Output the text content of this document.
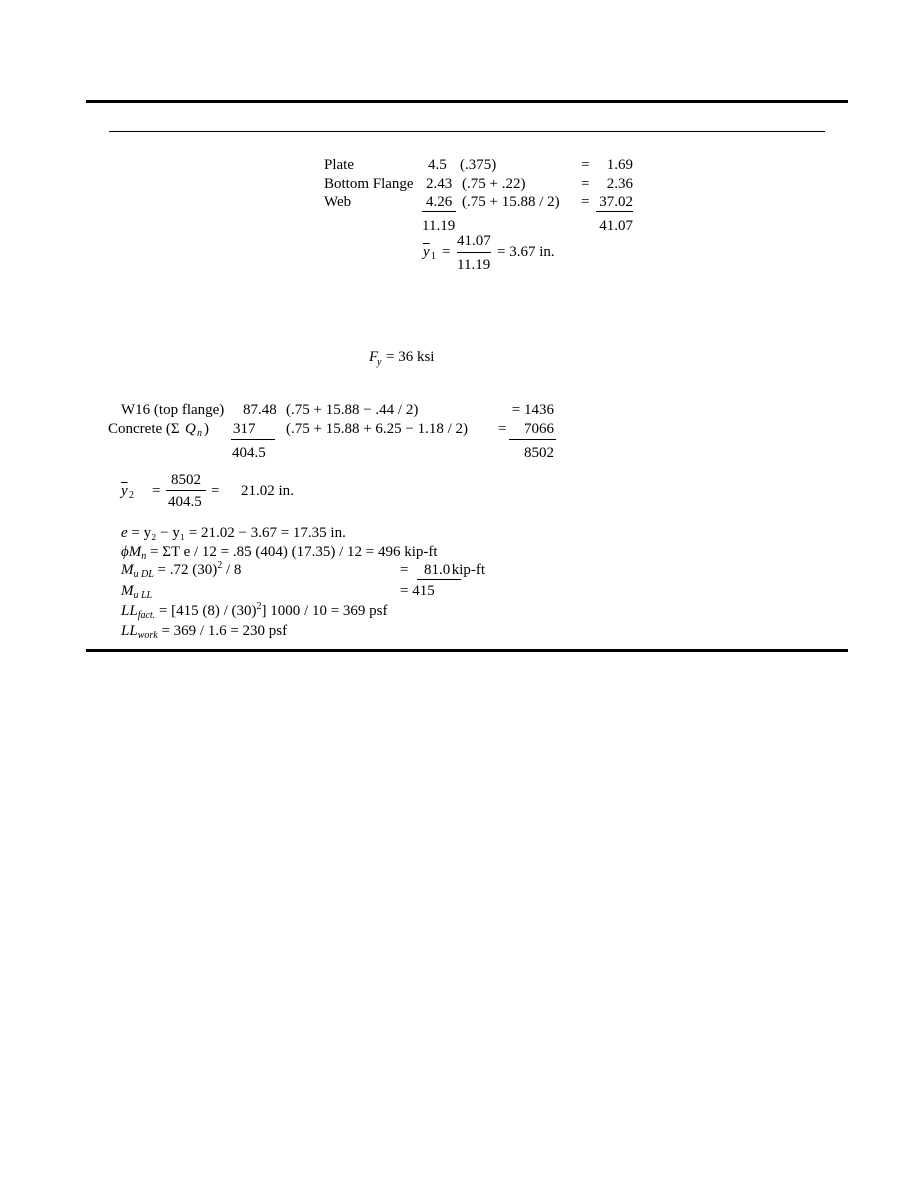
Plate	4.5 (.375)	=	1.69
Bottom Flange 2.43 (.75 + .22)	=	2.36
Web	4.26 (.75 + 15.88 / 2) = 37.02
11.19	41.07
$\overline{y}$ 1 =
41.07
11.19
= 3.67 in.
F
y = 36 ksi
W16 (top flange) 87.48 (.75 + 15.88 − .44 / 2)	= 1436
Concrete (Σ Q n ) 317 (.75 + 15.88 + 6.25 − 1.18 / 2) =	7066
404.5	8502
$\overline{y}$ 2 =
8502
404.5
= 21.02 in.
e = y₂ − y₁ = 21.02 − 3.67 = 17.35 in.
$\phi M_n = \Sigma T$ e / 12 = .85 (404) (17.35) / 12 = 496 kip-ft
$M_{u DL} = .72$ $(30)^2 / 8$	= 81.0
kip-ft
$M_{u LL}$	= 415
$LL_{fact.} = [415$ $(8) / (30)^2$] 1000 / 10 = 369 psf
$LL_{work} = 369 / 1.6 = 230$ psf
